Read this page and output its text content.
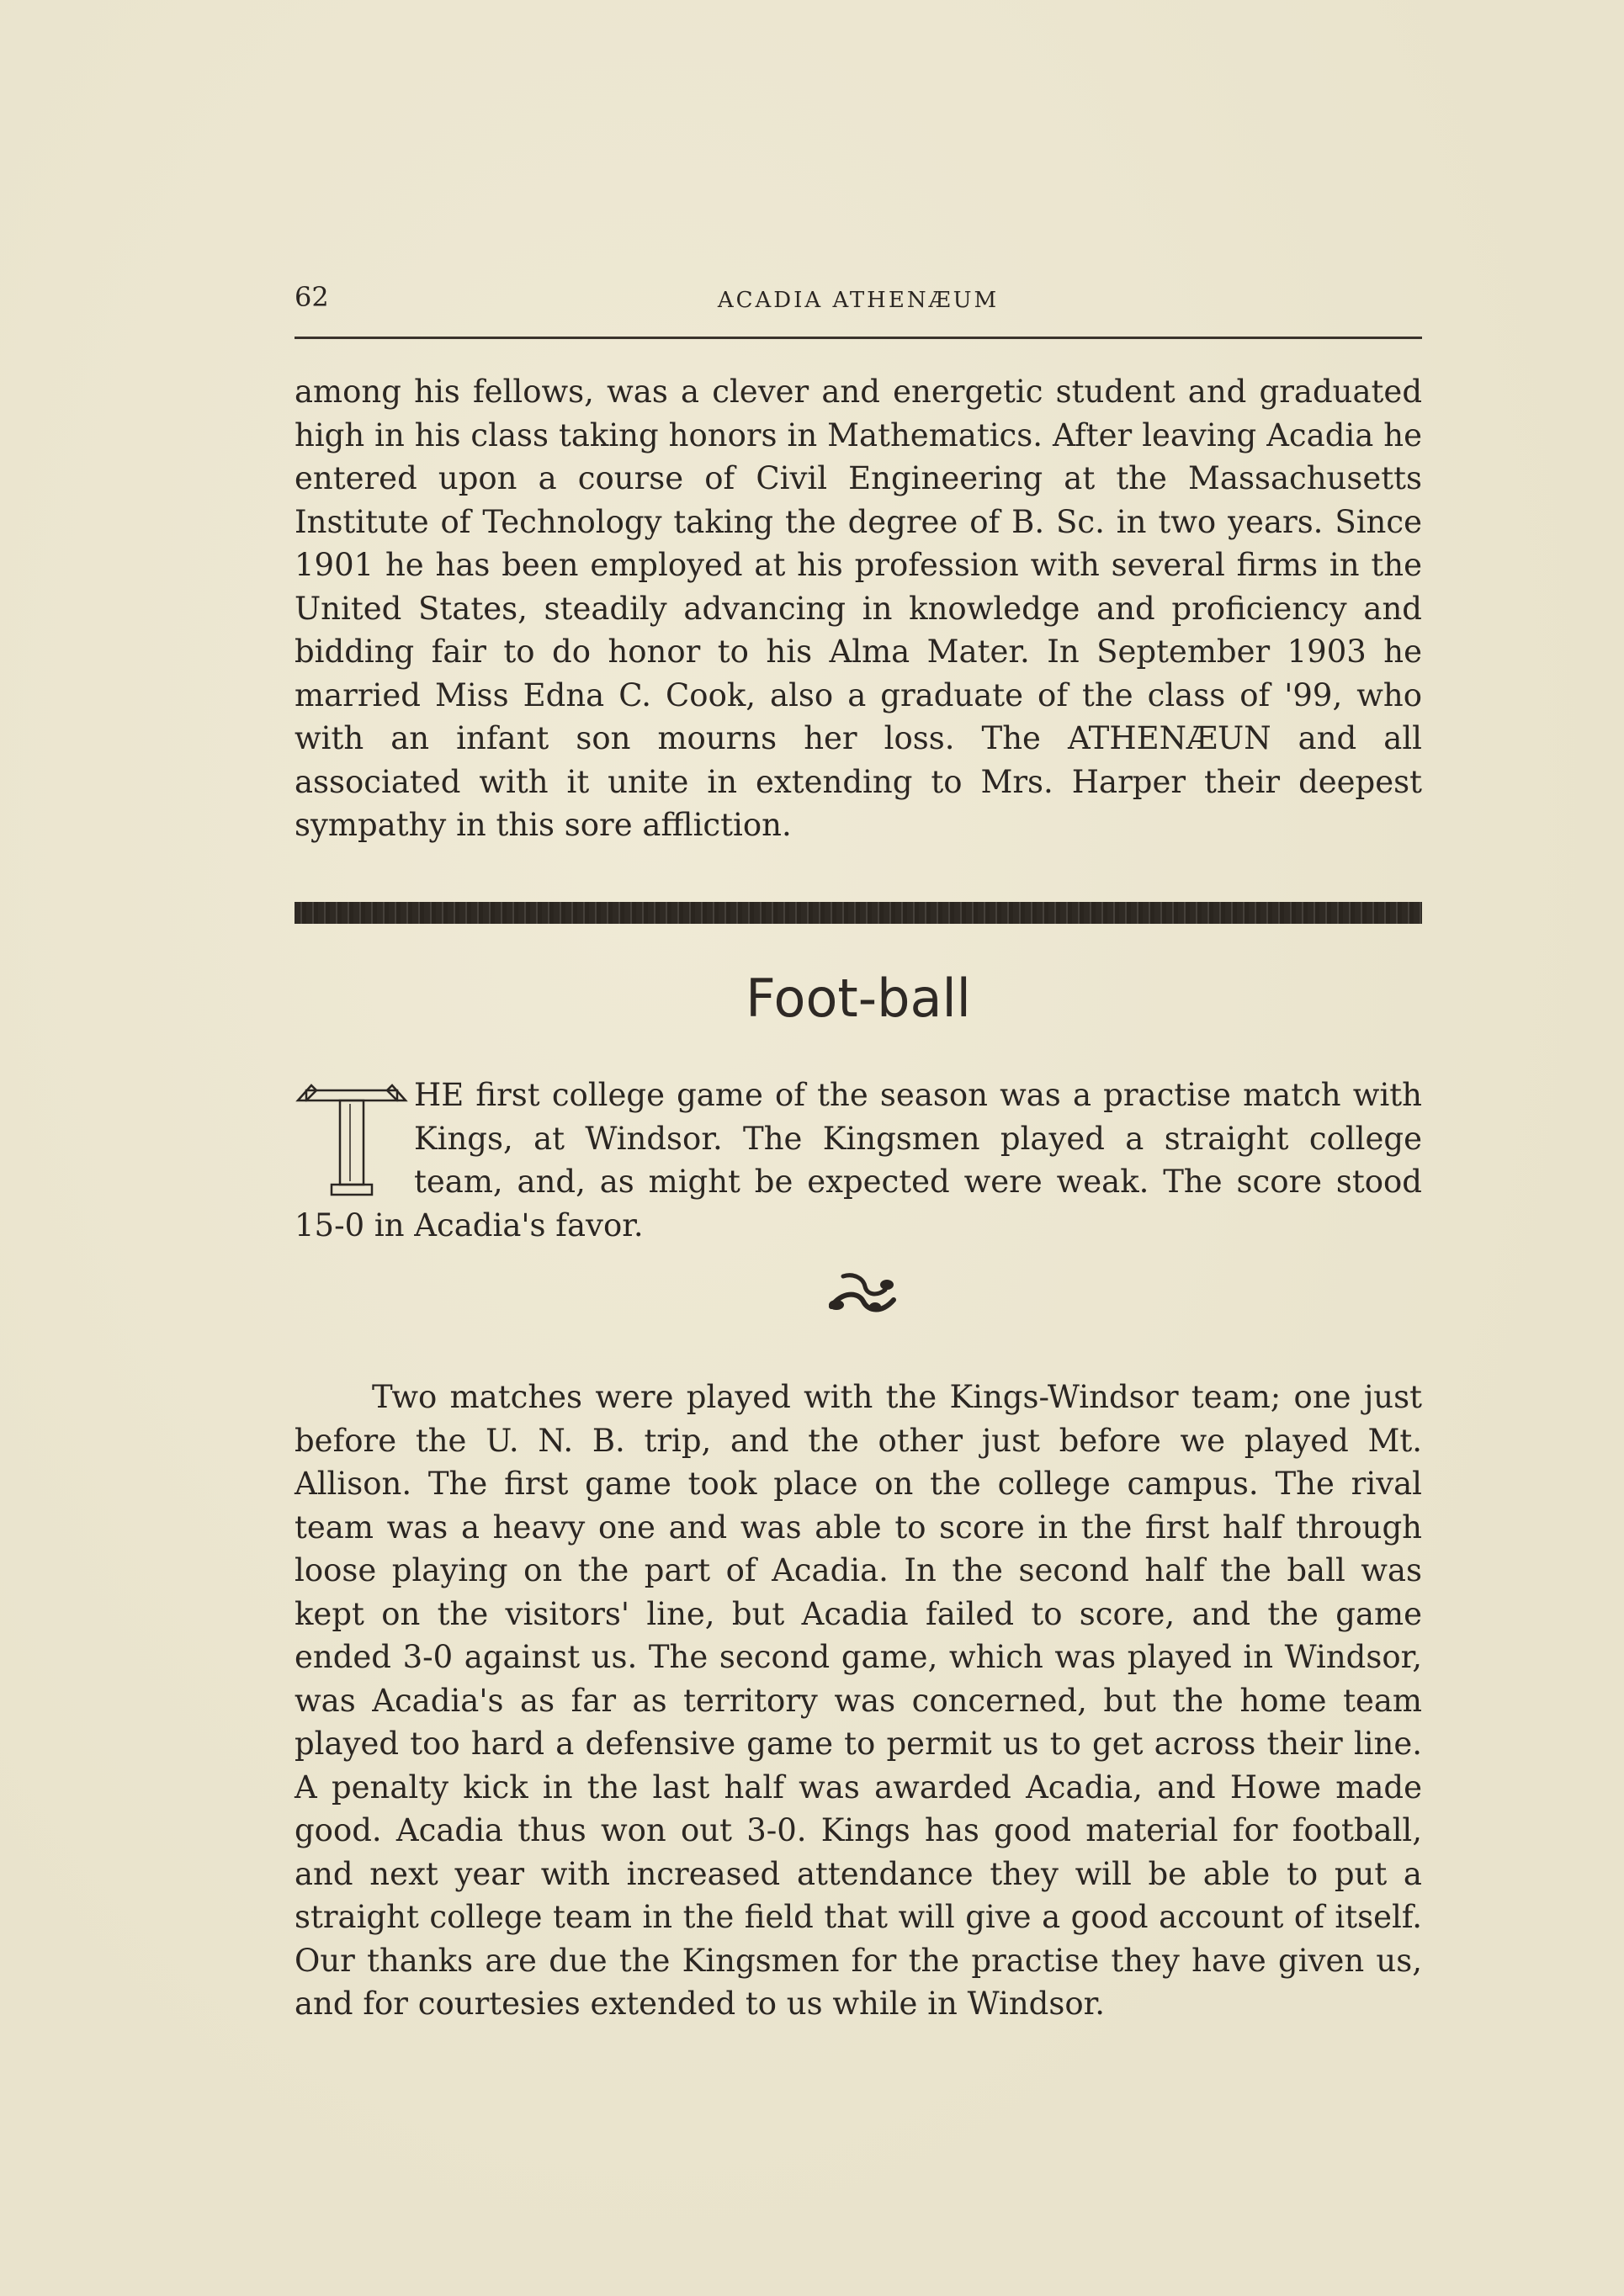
62	ACADIA ATHENÆUM

among his fellows, was a clever and energetic student and graduated high in his class taking honors in Mathematics. After leaving Acadia he entered upon a course of Civil Engineering at the Massachusetts Institute of Technology taking the degree of B. Sc. in two years. Since 1901 he has been employed at his profession with several firms in the United States, steadily advancing in knowledge and proficiency and bidding fair to do honor to his Alma Mater. In September 1903 he married Miss Edna C. Cook, also a graduate of the class of '99, who with an infant son mourns her loss. The ATHENÆUN and all associated with it unite in extending to Mrs. Harper their deepest sympathy in this sore affliction.

Foot-ball

HE first college game of the season was a practise match with Kings, at Windsor. The Kingsmen played a straight college team, and, as might be expected were weak. The score stood 15-0 in Acadia's favor.

Two matches were played with the Kings-Windsor team; one just before the U. N. B. trip, and the other just before we played Mt. Allison. The first game took place on the college campus. The rival team was a heavy one and was able to score in the first half through loose playing on the part of Acadia. In the second half the ball was kept on the visitors' line, but Acadia failed to score, and the game ended 3-0 against us. The second game, which was played in Windsor, was Acadia's as far as territory was concerned, but the home team played too hard a defensive game to permit us to get across their line. A penalty kick in the last half was awarded Acadia, and Howe made good. Acadia thus won out 3-0. Kings has good material for football, and next year with increased attendance they will be able to put a straight college team in the field that will give a good account of itself. Our thanks are due the Kingsmen for the practise they have given us, and for courtesies extended to us while in Windsor.
